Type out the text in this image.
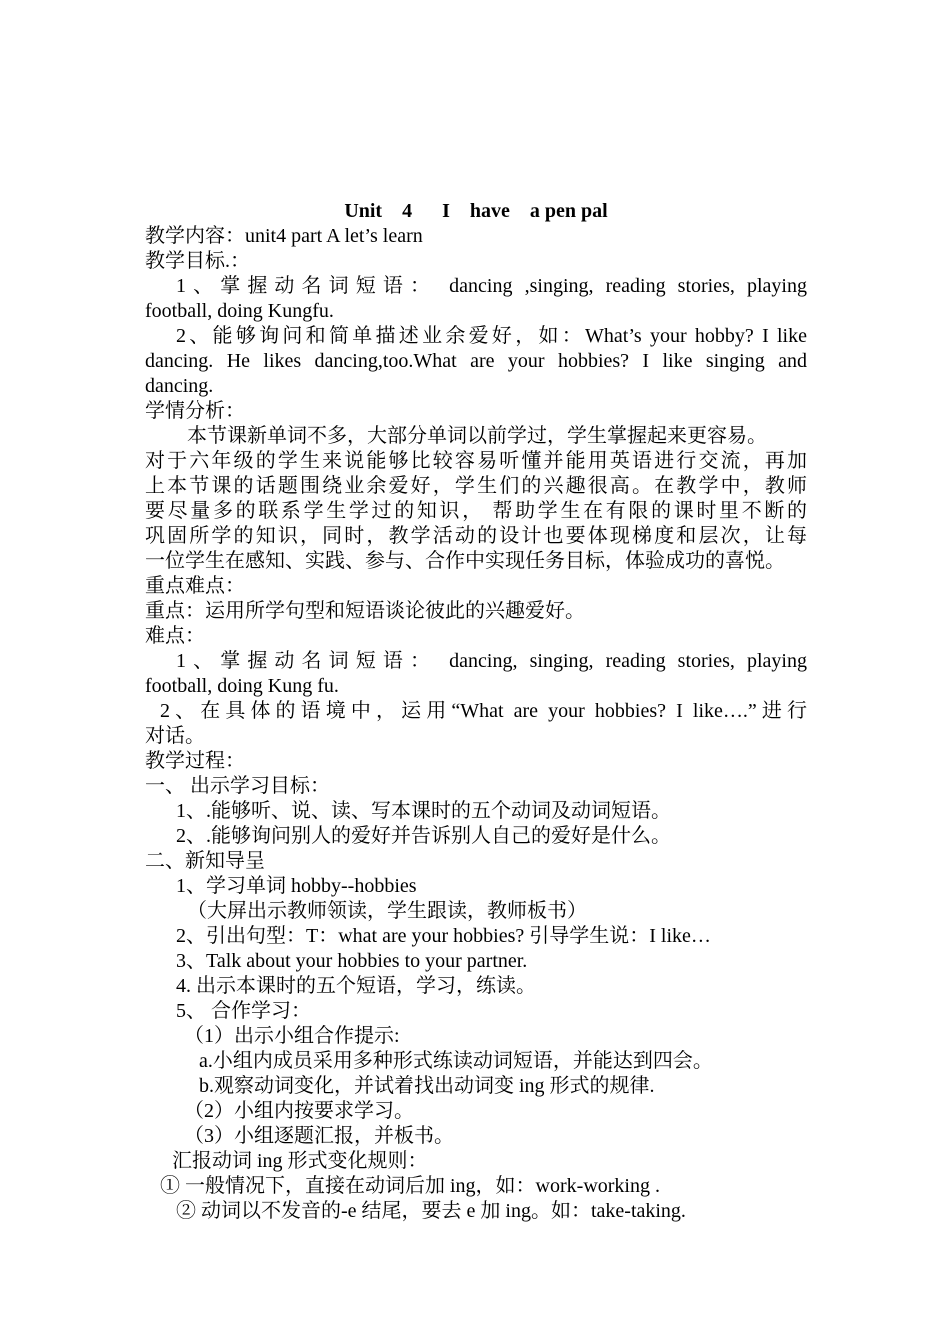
Unit    4      I    have    a pen pal
教学内容：unit4 part A let’s learn
教学目标.：
1、掌握动名词短语： dancing ,singing, reading stories, playing
football, doing Kungfu.
2、能够询问和简单描述业余爱好，如：What’s your hobby? I like
dancing. He likes dancing,too.What are your hobbies? I like singing and
dancing.
学情分析：
本节课新单词不多，大部分单词以前学过，学生掌握起来更容易。
对于六年级的学生来说能够比较容易听懂并能用英语进行交流，再加
上本节课的话题围绕业余爱好，学生们的兴趣很高。在教学中，教师
要尽量多的联系学生学过的知识， 帮助学生在有限的课时里不断的
巩固所学的知识，同时，教学活动的设计也要体现梯度和层次，让每
一位学生在感知、实践、参与、合作中实现任务目标，体验成功的喜悦。
重点难点：
重点：运用所学句型和短语谈论彼此的兴趣爱好。
难点：
1、掌握动名词短语： dancing, singing, reading stories, playing
football, doing Kung fu.
2、在具体的语境中，运用“What are your hobbies? I like….”进行
对话。
教学过程：
一、 出示学习目标：
1、.能够听、说、读、写本课时的五个动词及动词短语。
2、.能够询问别人的爱好并告诉别人自己的爱好是什么。
二、新知导呈
1、学习单词 hobby--hobbies
（大屏出示教师领读，学生跟读，教师板书）
2、引出句型：T：what are your hobbies? 引导学生说：I like…
3、Talk about your hobbies to your partner.
4. 出示本课时的五个短语，学习，练读。
5、 合作学习：
（1）出示小组合作提示:
a.小组内成员采用多种形式练读动词短语，并能达到四会。
b.观察动词变化，并试着找出动词变 ing 形式的规律.
（2）小组内按要求学习。
（3）小组逐题汇报，并板书。
汇报动词 ing 形式变化规则：
① 一般情况下，直接在动词后加 ing，如：work-working .
② 动词以不发音的-e 结尾，要去 e 加 ing。如：take-taking.
